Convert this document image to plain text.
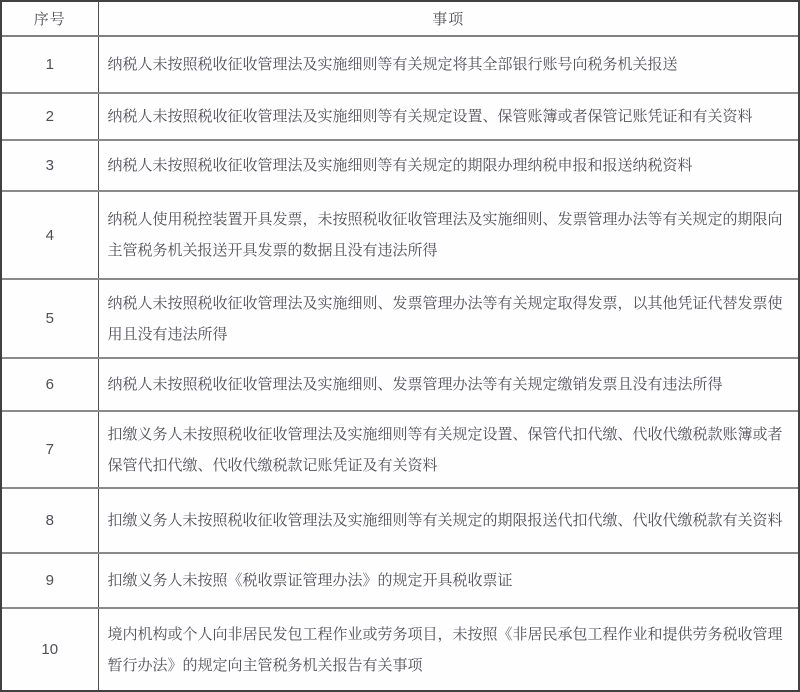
序号	事项
1	纳税人未按照税收征收管理法及实施细则等有关规定将其全部银行账号向税务机关报送
2	纳税人未按照税收征收管理法及实施细则等有关规定设置、保管账簿或者保管记账凭证和有关资料
3	纳税人未按照税收征收管理法及实施细则等有关规定的期限办理纳税申报和报送纳税资料
4	纳税人使用税控装置开具发票，未按照税收征收管理法及实施细则、发票管理办法等有关规定的期限向主管税务机关报送开具发票的数据且没有违法所得
5	纳税人未按照税收征收管理法及实施细则、发票管理办法等有关规定取得发票，以其他凭证代替发票使用且没有违法所得
6	纳税人未按照税收征收管理法及实施细则、发票管理办法等有关规定缴销发票且没有违法所得
7	扣缴义务人未按照税收征收管理法及实施细则等有关规定设置、保管代扣代缴、代收代缴税款账簿或者保管代扣代缴、代收代缴税款记账凭证及有关资料
8	扣缴义务人未按照税收征收管理法及实施细则等有关规定的期限报送代扣代缴、代收代缴税款有关资料
9	扣缴义务人未按照《税收票证管理办法》的规定开具税收票证
10	境内机构或个人向非居民发包工程作业或劳务项目，未按照《非居民承包工程作业和提供劳务税收管理暂行办法》的规定向主管税务机关报告有关事项
